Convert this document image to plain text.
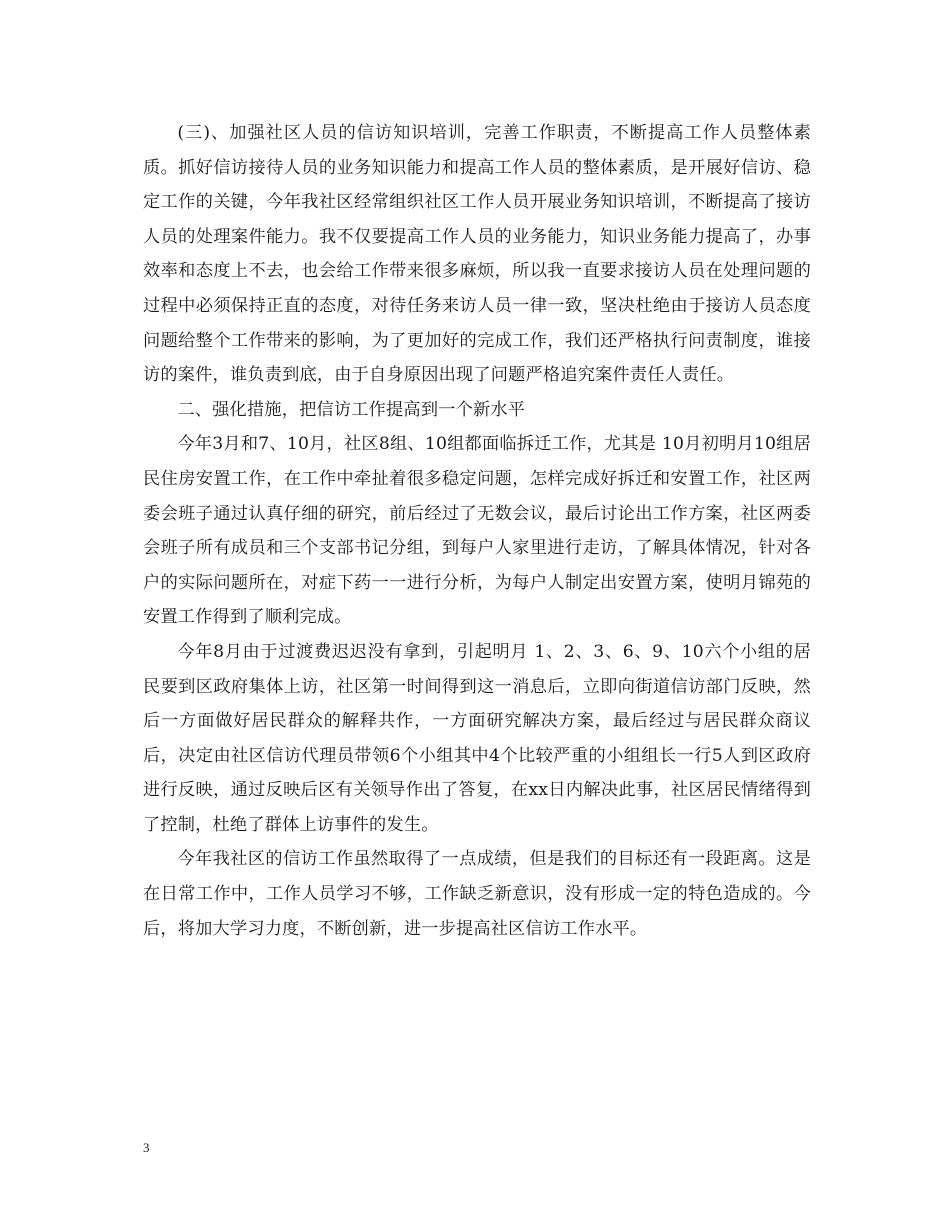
(三)、加强社区人员的信访知识培训，完善工作职责，不断提高工作人员整体素质。抓好信访接待人员的业务知识能力和提高工作人员的整体素质，是开展好信访、稳定工作的关键，今年我社区经常组织社区工作人员开展业务知识培训，不断提高了接访人员的处理案件能力。我不仅要提高工作人员的业务能力，知识业务能力提高了，办事效率和态度上不去，也会给工作带来很多麻烦，所以我一直要求接访人员在处理问题的过程中必须保持正直的态度，对待任务来访人员一律一致，坚决杜绝由于接访人员态度问题给整个工作带来的影响，为了更加好的完成工作，我们还严格执行问责制度，谁接访的案件，谁负责到底，由于自身原因出现了问题严格追究案件责任人责任。

二、强化措施，把信访工作提高到一个新水平

今年3月和7、10月，社区8组、10组都面临拆迁工作，尤其是 10月初明月10组居民住房安置工作，在工作中牵扯着很多稳定问题，怎样完成好拆迁和安置工作，社区两委会班子通过认真仔细的研究，前后经过了无数会议，最后讨论出工作方案，社区两委会班子所有成员和三个支部书记分组，到每户人家里进行走访，了解具体情况，针对各户的实际问题所在，对症下药一一进行分析，为每户人制定出安置方案，使明月锦苑的安置工作得到了顺利完成。

今年8月由于过渡费迟迟没有拿到，引起明月 1、2、3、6、9、10六个小组的居民要到区政府集体上访，社区第一时间得到这一消息后，立即向街道信访部门反映，然后一方面做好居民群众的解释共作，一方面研究解决方案，最后经过与居民群众商议后，决定由社区信访代理员带领6个小组其中4个比较严重的小组组长一行5人到区政府进行反映，通过反映后区有关领导作出了答复，在xx日内解决此事，社区居民情绪得到了控制，杜绝了群体上访事件的发生。

今年我社区的信访工作虽然取得了一点成绩，但是我们的目标还有一段距离。这是在日常工作中，工作人员学习不够，工作缺乏新意识，没有形成一定的特色造成的。今后，将加大学习力度，不断创新，进一步提高社区信访工作水平。

3
